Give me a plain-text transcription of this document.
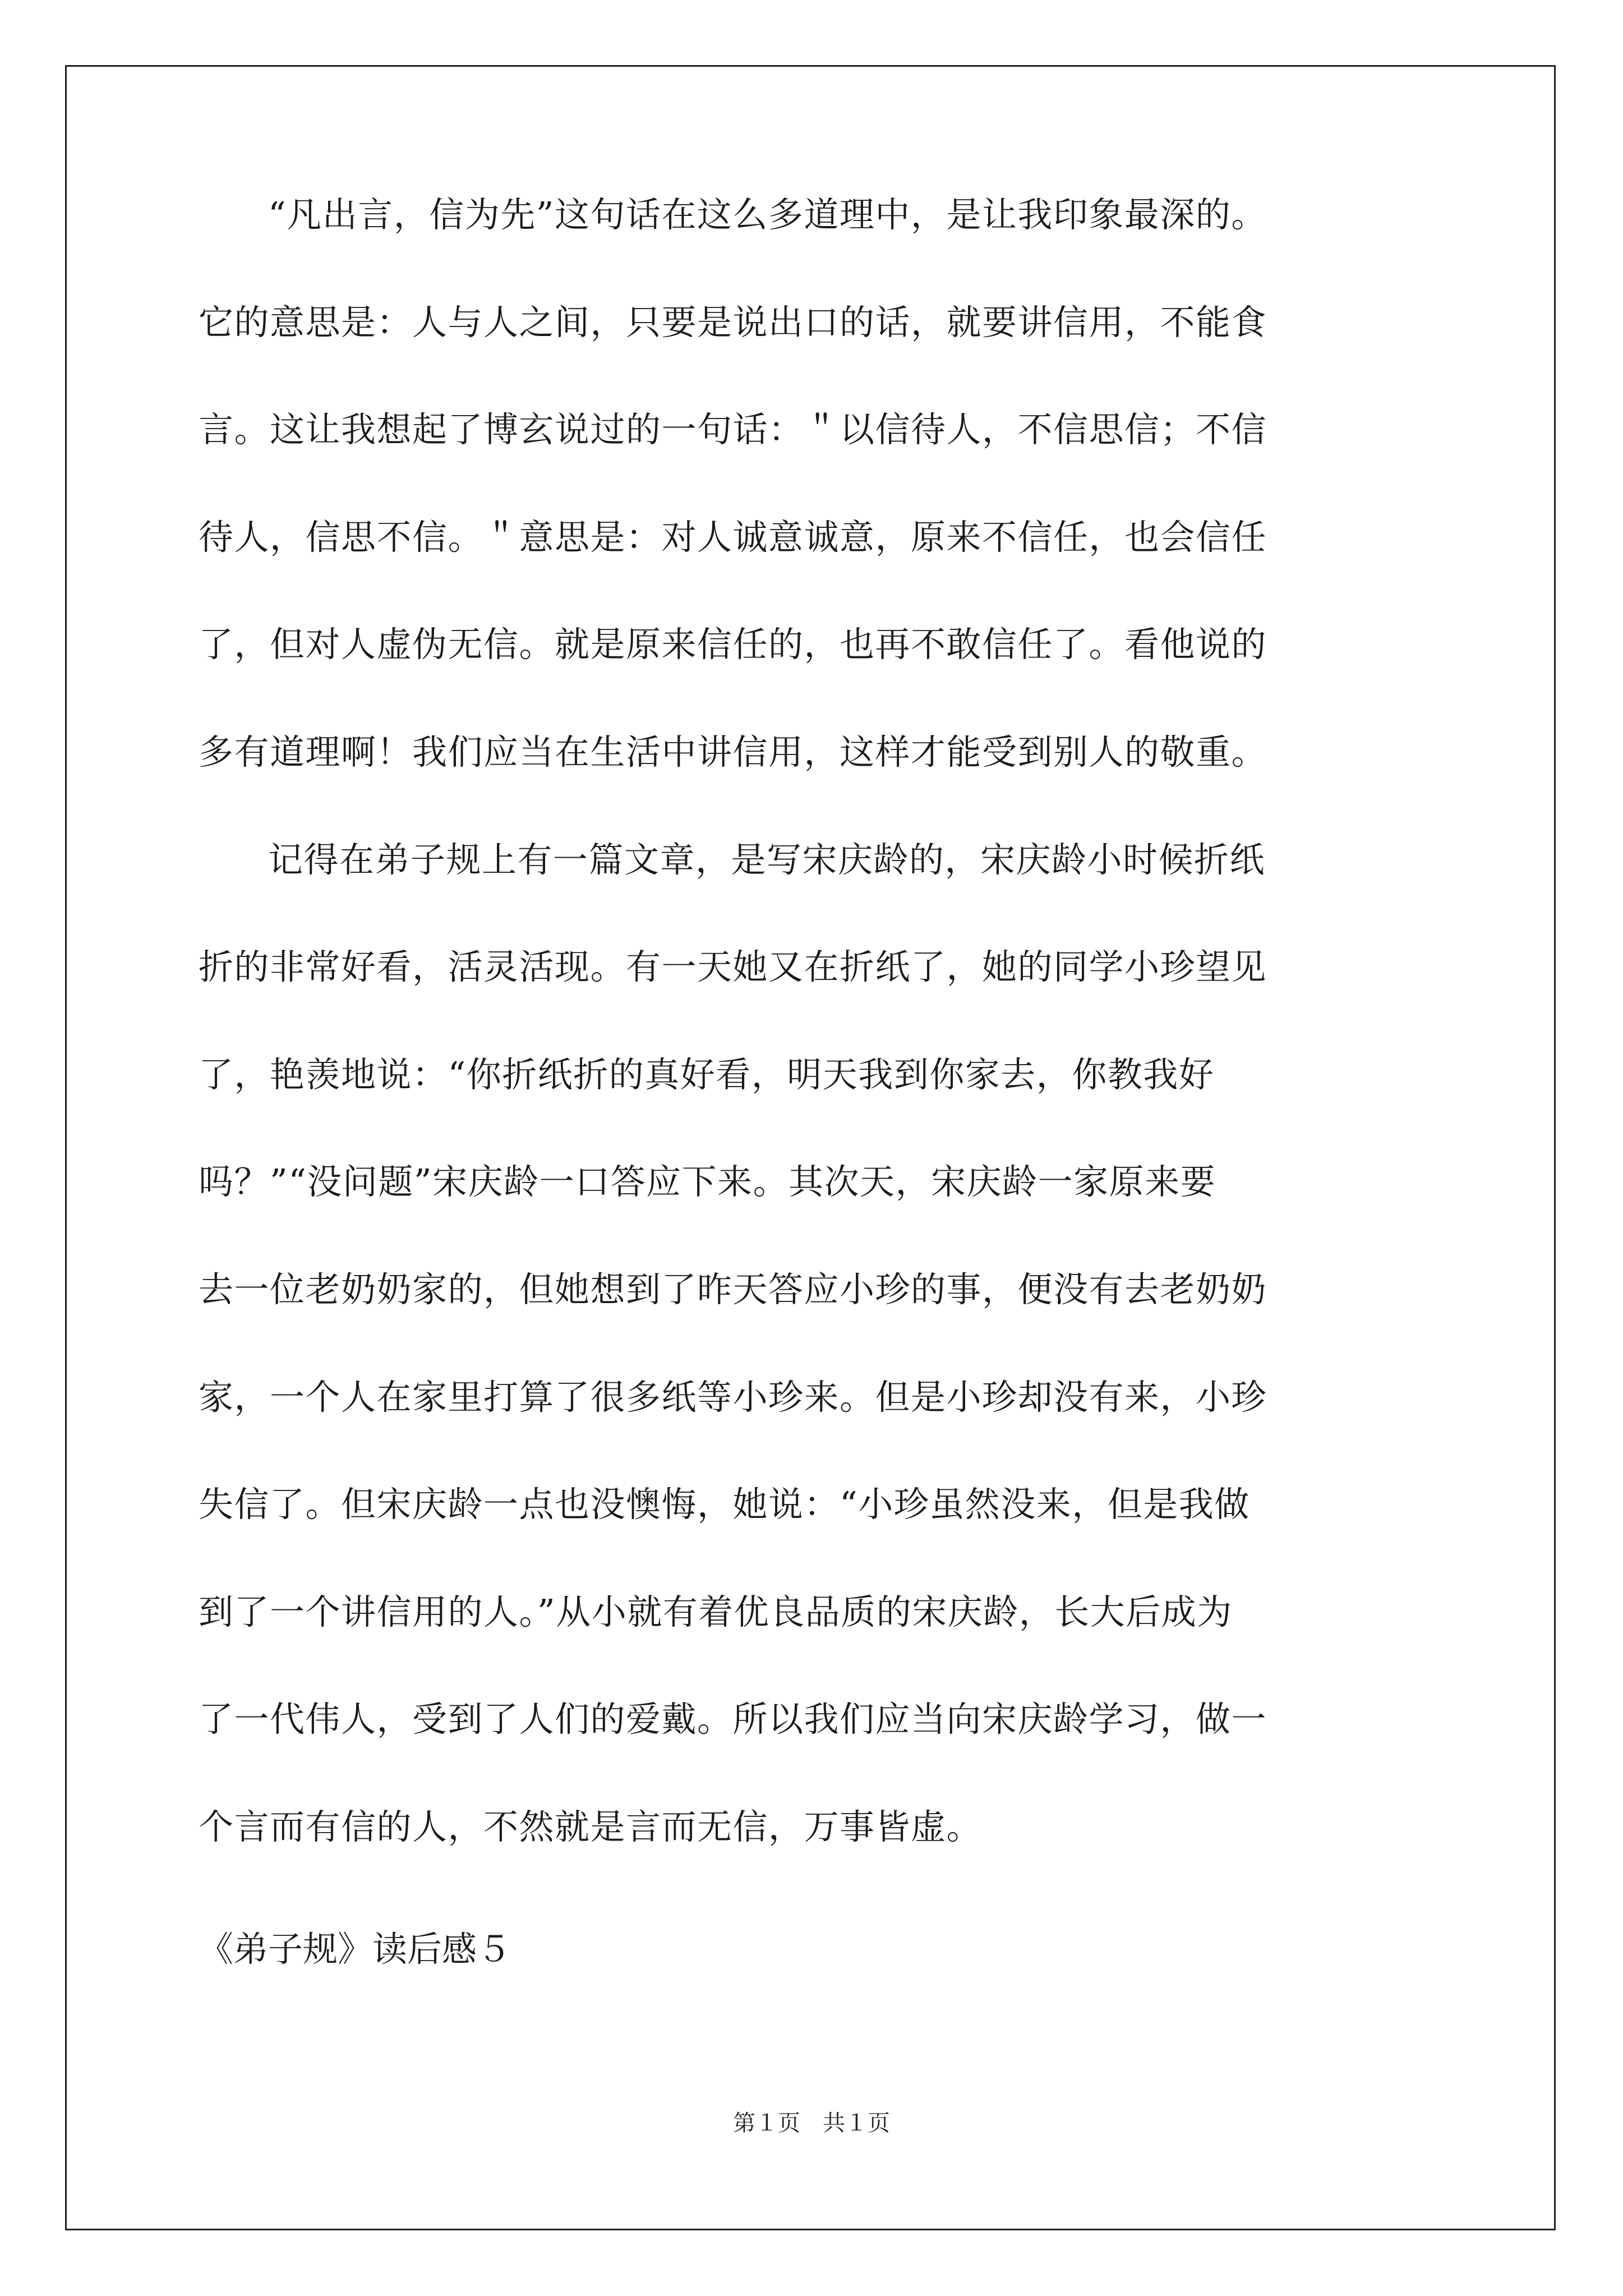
“凡出言，信为先”这句话在这么多道理中，是让我印象最深的。
它的意思是：人与人之间，只要是说出口的话，就要讲信用，不能食
言。这让我想起了博玄说过的一句话：＂以信待人，不信思信；不信
待人，信思不信。＂意思是：对人诚意诚意，原来不信任，也会信任
了，但对人虚伪无信。就是原来信任的，也再不敢信任了。看他说的
多有道理啊！我们应当在生活中讲信用，这样才能受到别人的敬重。
记得在弟子规上有一篇文章，是写宋庆龄的，宋庆龄小时候折纸
折的非常好看，活灵活现。有一天她又在折纸了，她的同学小珍望见
了，艳羡地说：“你折纸折的真好看，明天我到你家去，你教我好
吗？”“没问题”宋庆龄一口答应下来。其次天，宋庆龄一家原来要
去一位老奶奶家的，但她想到了昨天答应小珍的事，便没有去老奶奶
家，一个人在家里打算了很多纸等小珍来。但是小珍却没有来，小珍
失信了。但宋庆龄一点也没懊悔，她说：“小珍虽然没来，但是我做
到了一个讲信用的人。”从小就有着优良品质的宋庆龄，长大后成为
了一代伟人，受到了人们的爱戴。所以我们应当向宋庆龄学习，做一
个言而有信的人，不然就是言而无信，万事皆虚。
《弟子规》读后感５
第１页　共１页
